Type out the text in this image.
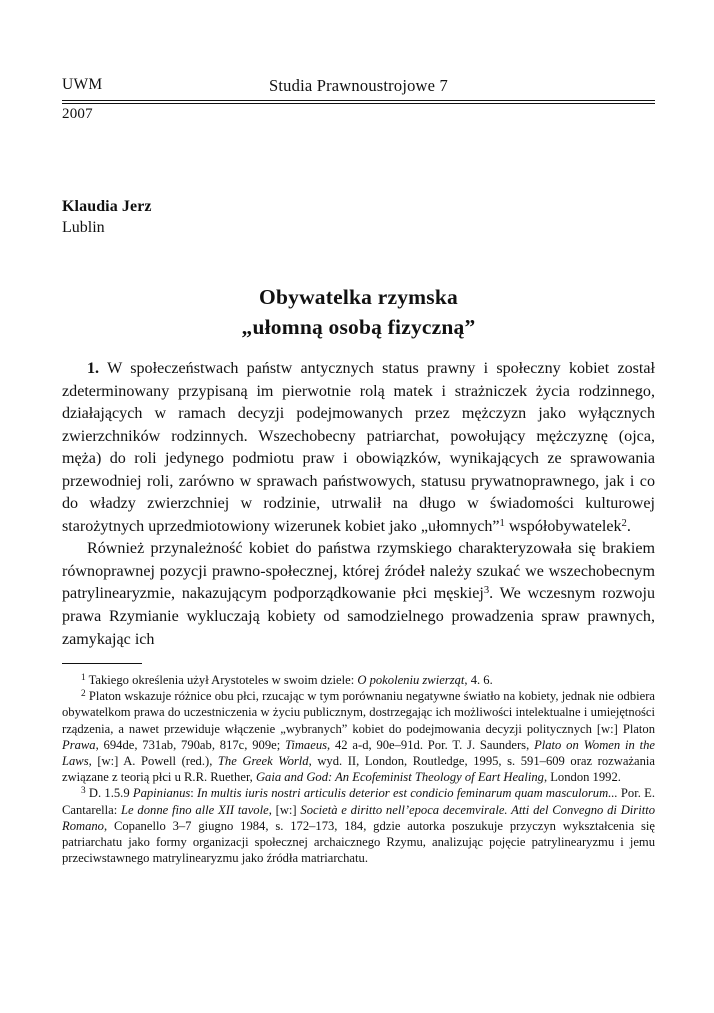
UWM	Studia Prawnoustrojowe 7
2007
Klaudia Jerz
Lublin
Obywatelka rzymska
„ułomną osobą fizyczną”

1. W społeczeństwach państw antycznych status prawny i społeczny kobiet został zdeterminowany przypisaną im pierwotnie rolą matek i strażniczek życia rodzinnego, działających w ramach decyzji podejmowanych przez mężczyzn jako wyłącznych zwierzchników rodzinnych. Wszechobecny patriarchat, powołujący mężczyznę (ojca, męża) do roli jedynego podmiotu praw i obowiązków, wynikających ze sprawowania przewodniej roli, zarówno w sprawach państwowych, statusu prywatnoprawnego, jak i co do władzy zwierzchniej w rodzinie, utrwalił na długo w świadomości kulturowej starożytnych uprzedmiotowiony wizerunek kobiet jako „ułomnych”$^1$ współobywatelek$^2$.

Również przynależność kobiet do państwa rzymskiego charakteryzowała się brakiem równoprawnej pozycji prawno-społecznej, której źródeł należy szukać we wszechobecnym patrylinearyzmie, nakazującym podporządkowanie płci męskiej$^3$. We wczesnym rozwoju prawa Rzymianie wykluczają kobiety od samodzielnego prowadzenia spraw prawnych, zamykając ich

$^1$ Takiego określenia użył Arystoteles w swoim dziele: O pokoleniu zwierząt, 4. 6.

$^2$ Platon wskazuje różnice obu płci, rzucając w tym porównaniu negatywne światło na kobiety, jednak nie odbiera obywatelkom prawa do uczestniczenia w życiu publicznym, dostrzegając ich możliwości intelektualne i umiejętności rządzenia, a nawet przewiduje włączenie „wybranych” kobiet do podejmowania decyzji politycznych [w:] Platon Prawa, 694de, 731ab, 790ab, 817c, 909e; Timaeus, 42 a-d, 90e–91d. Por. T. J. Saunders, Plato on Women in the Laws, [w:] A. Powell (red.), The Greek World, wyd. II, London, Routledge, 1995, s. 591–609 oraz rozważania związane z teorią płci u R.R. Ruether, Gaia and God: An Ecofeminist Theology of Eart Healing, London 1992.

$^3$ D. 1.5.9 Papinianus: In multis iuris nostri articulis deterior est condicio feminarum quam masculorum... Por. E. Cantarella: Le donne fino alle XII tavole, [w:] Società e diritto nell’epoca decemvirale. Atti del Convegno di Diritto Romano, Copanello 3–7 giugno 1984, s. 172–173, 184, gdzie autorka poszukuje przyczyn wykształcenia się patriarchatu jako formy organizacji społecznej archaicznego Rzymu, analizując pojęcie patrylinearyzmu i jemu przeciwstawnego matrylinearyzmu jako źródła matriarchatu.
